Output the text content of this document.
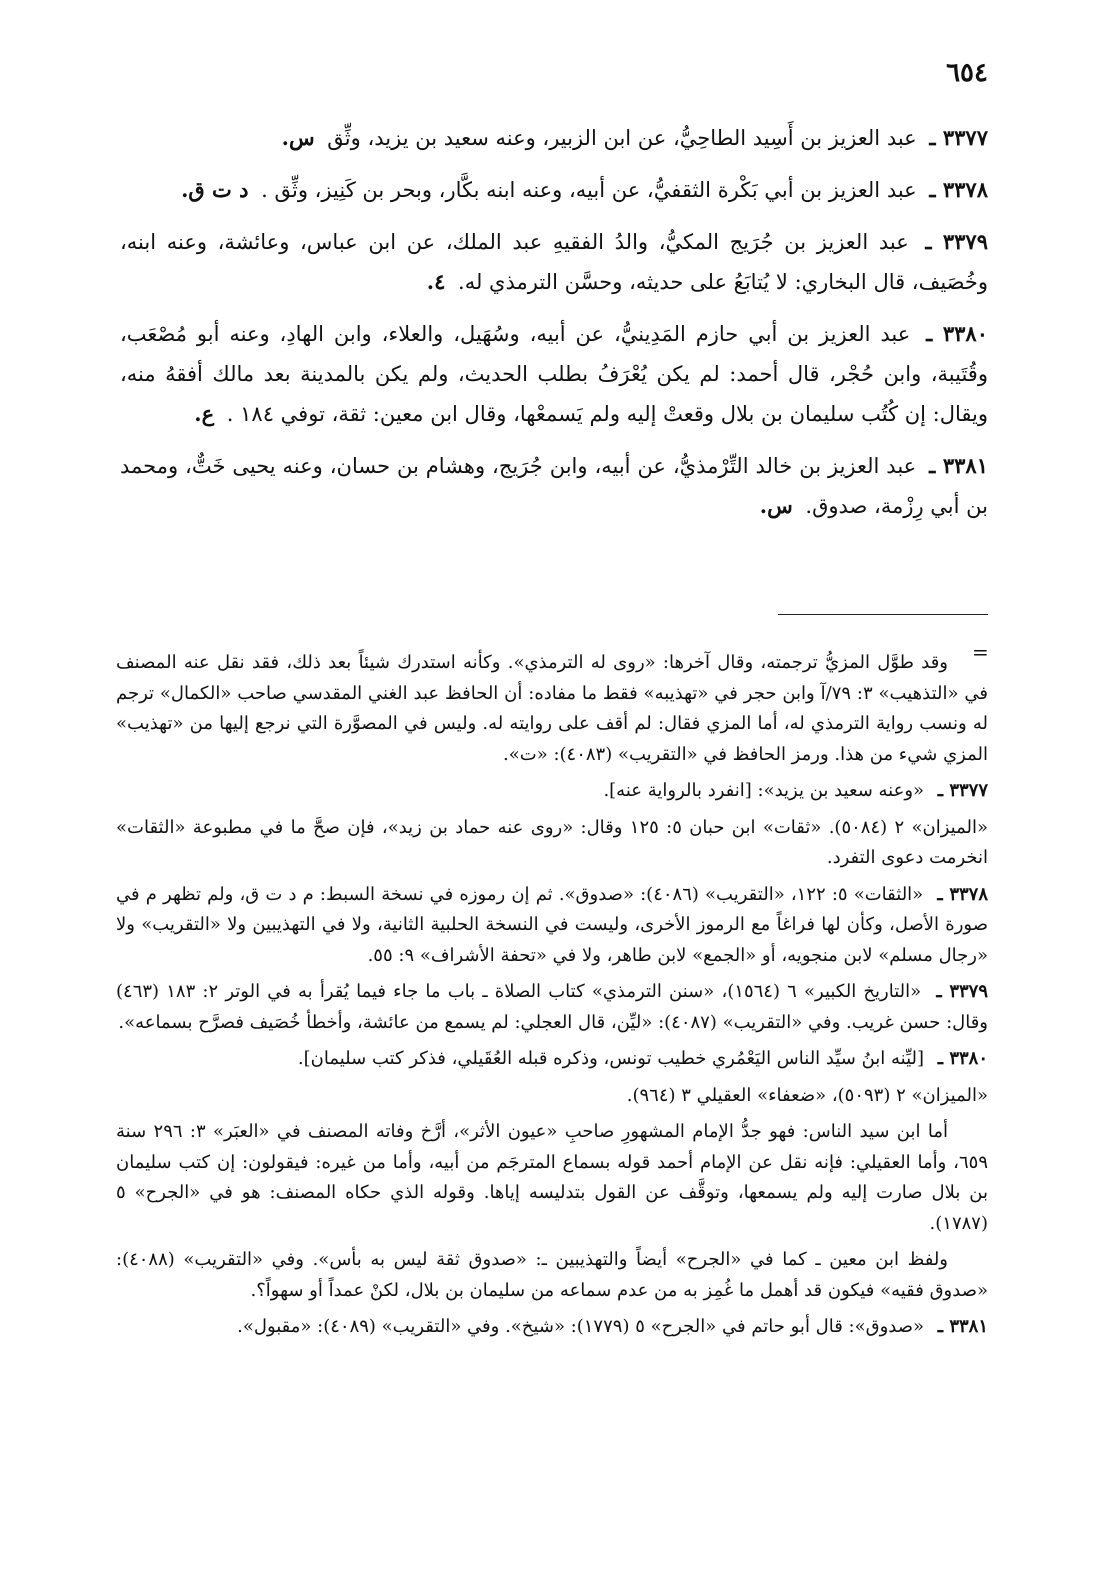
٦٥٤

٣٣٧٧ ـ عبد العزيز بن أَسِيد الطاحِيُّ، عن ابن الزبير، وعنه سعيد بن يزيد، وثِّق س.

٣٣٧٨ ـ عبد العزيز بن أبي بَكْرة الثقفيُّ، عن أبيه، وعنه ابنه بكَّار، وبحر بن كَنِيز، وثِّق . د ت ق.

٣٣٧٩ ـ عبد العزيز بن جُرَيج المكيُّ، والدُ الفقيهِ عبد الملك، عن ابن عباس، وعائشة، وعنه ابنه، وخُصَيف، قال البخاري: لا يُتابَعُ على حديثه، وحسَّن الترمذي له. ٤.

٣٣٨٠ ـ عبد العزيز بن أبي حازم المَدِينيُّ، عن أبيه، وسُهَيل، والعلاء، وابن الهادِ، وعنه أبو مُصْعَب، وقُتَيبة، وابن حُجْر، قال أحمد: لم يكن يُعْرَفُ بطلب الحديث، ولم يكن بالمدينة بعد مالك أفقهُ منه، ويقال: إن كُتُب سليمان بن بلال وقعتْ إليه ولم يَسمعْها، وقال ابن معين: ثقة، توفي ١٨٤ . ع.

٣٣٨١ ـ عبد العزيز بن خالد التِّرْمذيُّ، عن أبيه، وابن جُرَيج، وهشام بن حسان، وعنه يحيى خَتٌّ، ومحمد بن أبي رِزْمة، صدوق. س.

=

وقد طوَّل المزيُّ ترجمته، وقال آخرها: «روى له الترمذي». وكأنه استدرك شيئاً بعد ذلك، فقد نقل عنه المصنف في «التذهيب» ٣: ٧٩/آ وابن حجر في «تهذيبه» فقط ما مفاده: أن الحافظ عبد الغني المقدسي صاحب «الكمال» ترجم له ونسب رواية الترمذي له، أما المزي فقال: لم أقف على روايته له. وليس في المصوَّرة التي نرجع إليها من «تهذيب» المزي شيء من هذا. ورمز الحافظ في «التقريب» (٤٠٨٣): «ت».

٣٣٧٧ ـ «وعنه سعيد بن يزيد»: [انفرد بالرواية عنه].

«الميزان» ٢ (٥٠٨٤). «ثقات» ابن حبان ٥: ١٢٥ وقال: «روى عنه حماد بن زيد»، فإن صحَّ ما في مطبوعة «الثقات» انخرمت دعوى التفرد.

٣٣٧٨ ـ «الثقات» ٥: ١٢٢، «التقريب» (٤٠٨٦): «صدوق». ثم إن رموزه في نسخة السبط: م د ت ق، ولم تظهر م في صورة الأصل، وكأن لها فراغاً مع الرموز الأخرى، وليست في النسخة الحلبية الثانية، ولا في التهذيبين ولا «التقريب» ولا «رجال مسلم» لابن منجويه، أو «الجمع» لابن طاهر، ولا في «تحفة الأشراف» ٩: ٥٥.

٣٣٧٩ ـ «التاريخ الكبير» ٦ (١٥٦٤)، «سنن الترمذي» كتاب الصلاة ـ باب ما جاء فيما يُقرأ به في الوتر ٢: ١٨٣ (٤٦٣) وقال: حسن غريب. وفي «التقريب» (٤٠٨٧): «ليِّن، قال العجلي: لم يسمع من عائشة، وأخطأ خُصَيف فصرَّح بسماعه».

٣٣٨٠ ـ [ليِّنه ابنُ سيِّد الناس اليَعْمُري خطيب تونس، وذكره قبله العُقَيلي، فذكر كتب سليمان].

«الميزان» ٢ (٥٠٩٣)، «ضعفاء» العقيلي ٣ (٩٦٤).

أما ابن سيد الناس: فهو جدُّ الإمام المشهورِ صاحبِ «عيون الأثر»، أرَّخ وفاته المصنف في «العبَر» ٣: ٢٩٦ سنة ٦٥٩، وأما العقيلي: فإنه نقل عن الإمام أحمد قوله بسماع المترجَم من أبيه، وأما من غيره: فيقولون: إن كتب سليمان بن بلال صارت إليه ولم يسمعها، وتوقَّف عن القول بتدليسه إياها. وقوله الذي حكاه المصنف: هو في «الجرح» ٥ (١٧٨٧).

ولفظ ابن معين ـ كما في «الجرح» أيضاً والتهذيبين ـ: «صدوق ثقة ليس به بأس». وفي «التقريب» (٤٠٨٨): «صدوق فقيه» فيكون قد أهمل ما غُمِز به من عدم سماعه من سليمان بن بلال، لكنْ عمداً أو سهواً؟.

٣٣٨١ ـ «صدوق»: قال أبو حاتم في «الجرح» ٥ (١٧٧٩): «شيخ». وفي «التقريب» (٤٠٨٩): «مقبول».
